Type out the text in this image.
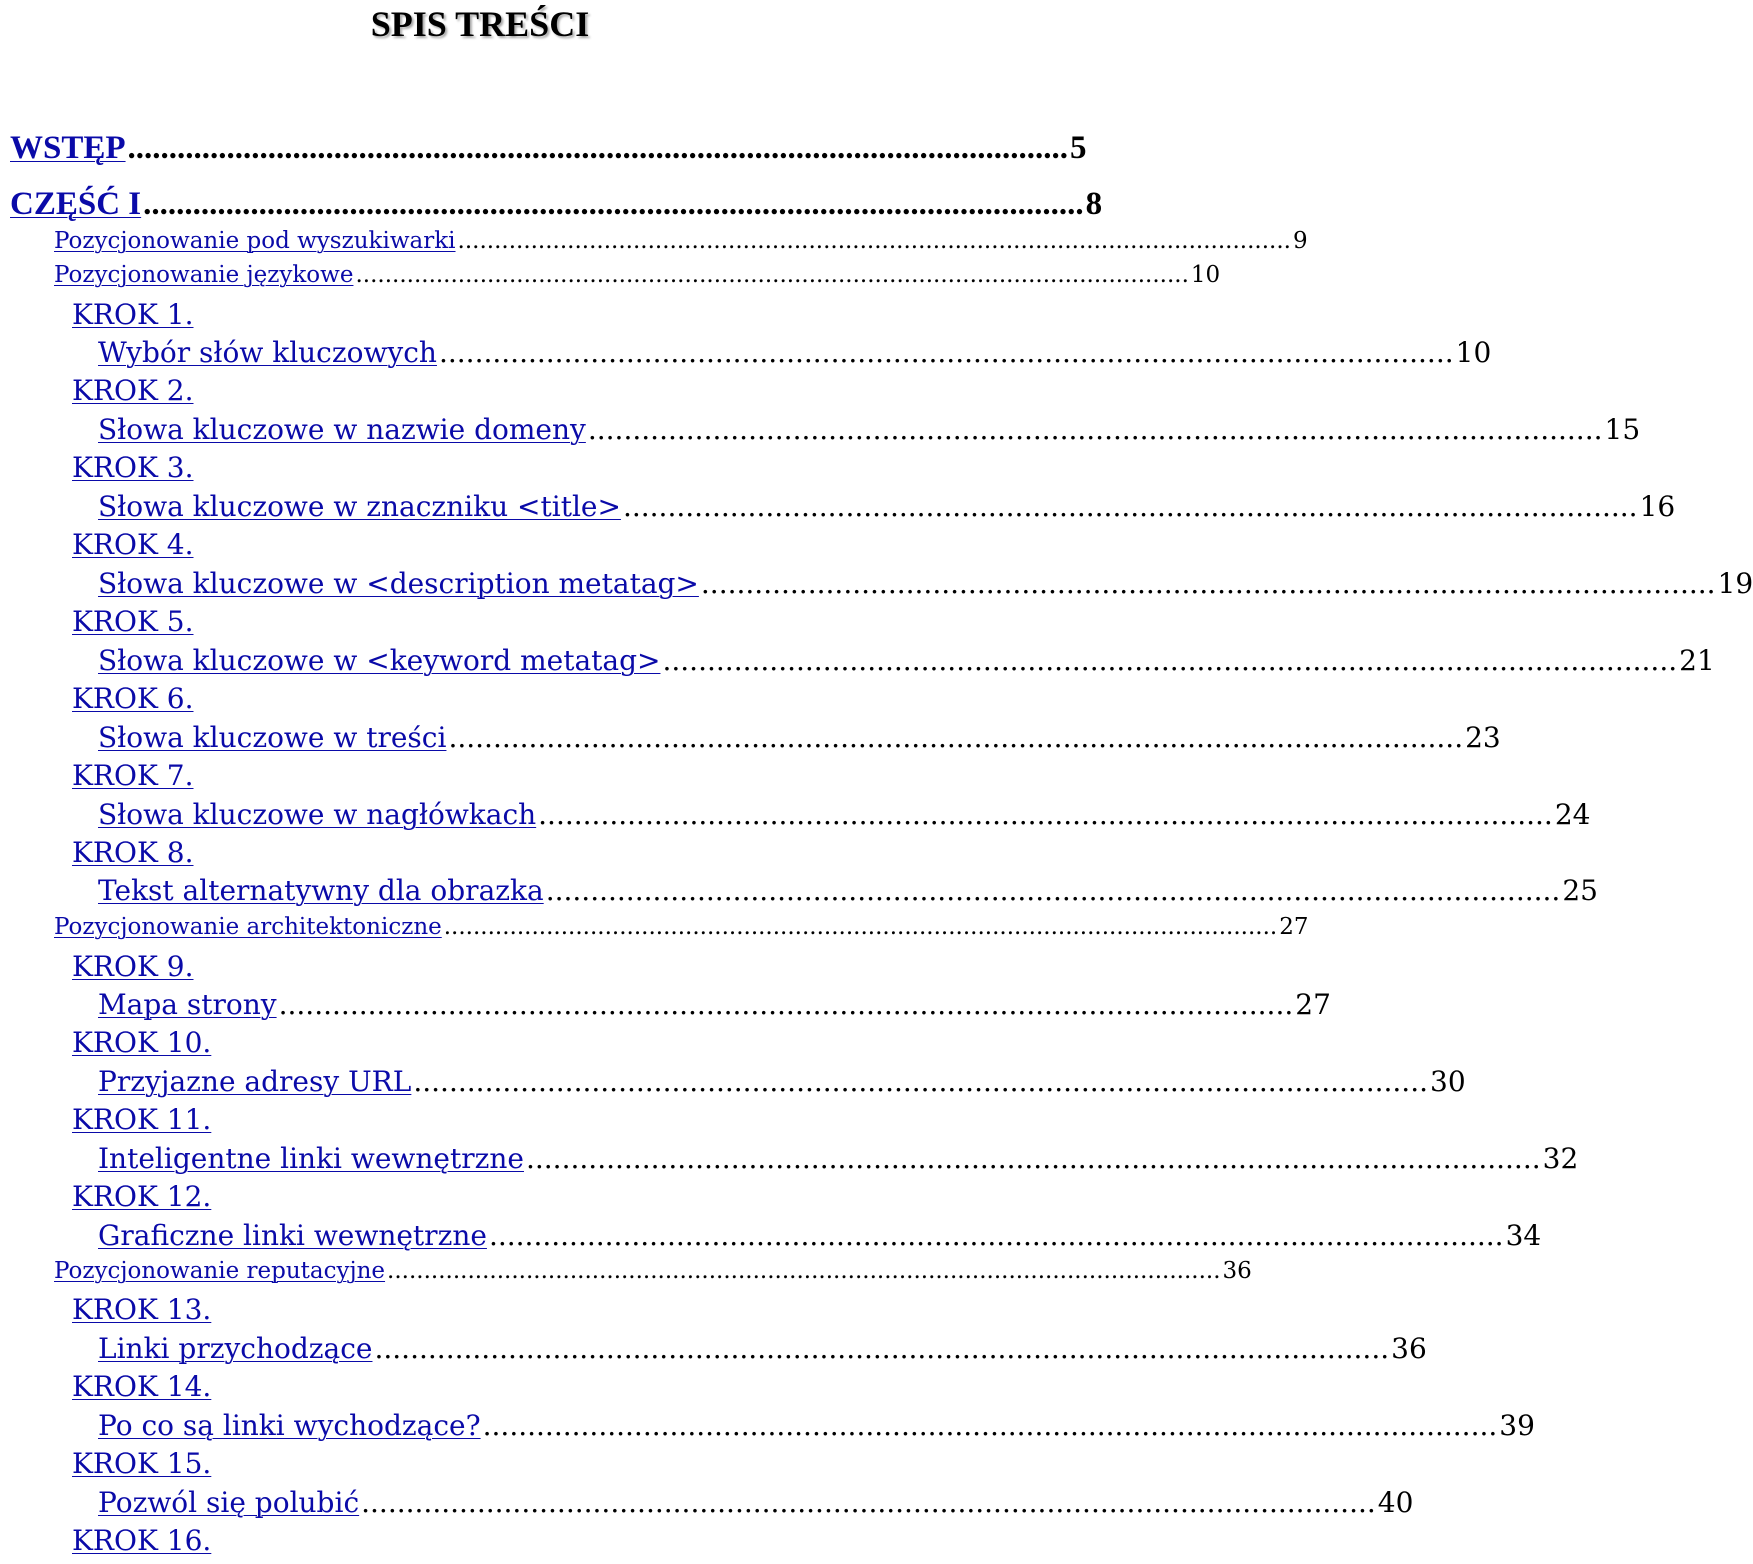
SPIS TREŚCI
WSTĘP .................................................................................................................. 5
CZĘŚĆ I .................................................................................................................. 8
Pozycjonowanie pod wyszukiwarki .................................................................................................................. 9
Pozycjonowanie językowe .................................................................................................................. 10
KROK 1.
Wybór słów kluczowych .................................................................................................................. 10
KROK 2.
Słowa kluczowe w nazwie domeny .................................................................................................................. 15
KROK 3.
Słowa kluczowe w znaczniku <title> .................................................................................................................. 16
KROK 4.
Słowa kluczowe w <description metatag> .................................................................................................................. 19
KROK 5.
Słowa kluczowe w <keyword metatag> .................................................................................................................. 21
KROK 6.
Słowa kluczowe w treści .................................................................................................................. 23
KROK 7.
Słowa kluczowe w nagłówkach .................................................................................................................. 24
KROK 8.
Tekst alternatywny dla obrazka .................................................................................................................. 25
Pozycjonowanie architektoniczne .................................................................................................................. 27
KROK 9.
Mapa strony .................................................................................................................. 27
KROK 10.
Przyjazne adresy URL .................................................................................................................. 30
KROK 11.
Inteligentne linki wewnętrzne .................................................................................................................. 32
KROK 12.
Graficzne linki wewnętrzne .................................................................................................................. 34
Pozycjonowanie reputacyjne .................................................................................................................. 36
KROK 13.
Linki przychodzące .................................................................................................................. 36
KROK 14.
Po co są linki wychodzące? .................................................................................................................. 39
KROK 15.
Pozwól się polubić .................................................................................................................. 40
KROK 16.
